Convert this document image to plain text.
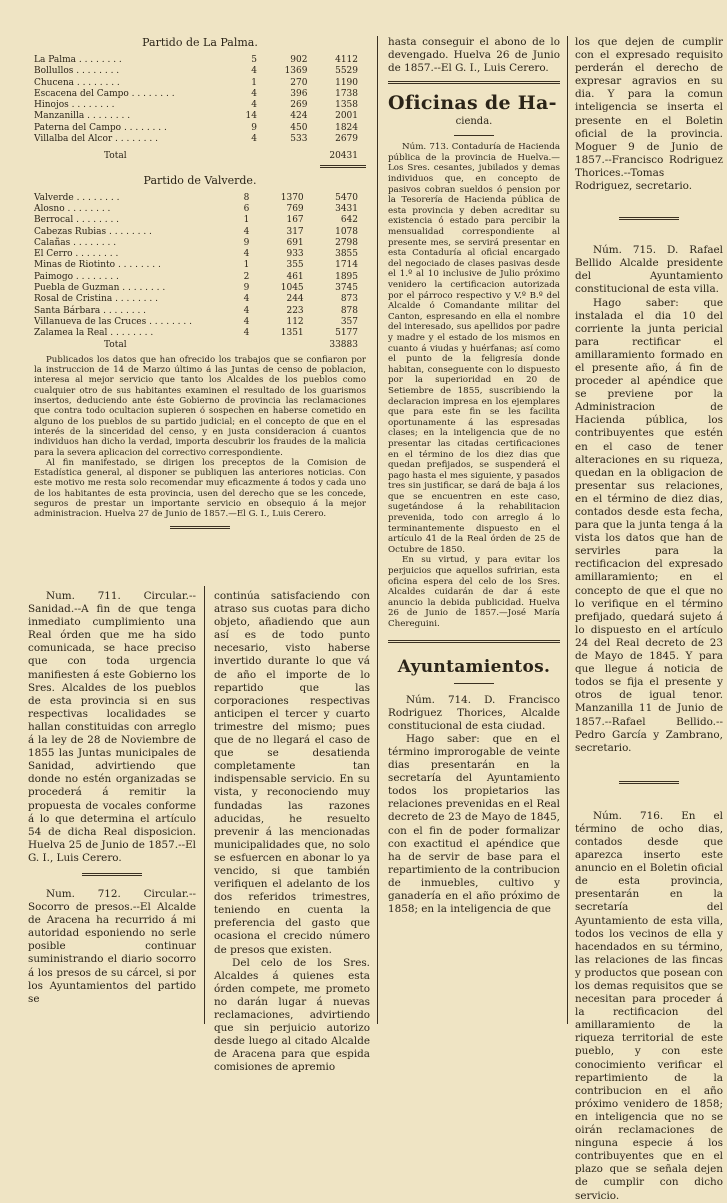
Partido de La Palma.
La Palma . . . . . . . .	5	902	4112
Bollullos . . . . . . . .	4	1369	5529
Chucena . . . . . . . .	1	270	1190
Escacena del Campo . . . . . . . .	4	396	1738
Hinojos . . . . . . . .	4	269	1358
Manzanilla . . . . . . . .	14	424	2001
Paterna del Campo . . . . . . . .	9	450	1824
Villalba del Alcor . . . . . . . .	4	533	2679
Total			20431
Partido de Valverde.
Valverde . . . . . . . .	8	1370	5470
Alosno . . . . . . . .	6	769	3431
Berrocal . . . . . . . .	1	167	642
Cabezas Rubias . . . . . . . .	4	317	1078
Calañas . . . . . . . .	9	691	2798
El Cerro . . . . . . . .	4	933	3855
Minas de Riotinto . . . . . . . .	1	355	1714
Paimogo . . . . . . . .	2	461	1895
Puebla de Guzman . . . . . . . .	9	1045	3745
Rosal de Cristina . . . . . . . .	4	244	873
Santa Bárbara . . . . . . . .	4	223	878
Villanueva de las Cruces . . . . . . . .	4	112	357
Zalamea la Real . . . . . . . .	4	1351	5177
Total			33883

Publicados los datos que han ofrecido los trabajos que se confiaron por la instruccion de 14 de Marzo último á las Juntas de censo de poblacion, interesa al mejor servicio que tanto los Alcaldes de los pueblos como cualquier otro de sus habitantes examinen el resultado de los guarismos insertos, deduciendo ante éste Gobierno de provincia las reclamaciones que contra todo ocultacion supieren ó sospechen en haberse cometido en alguno de los pueblos de su partido judicial; en el concepto de que en el interés de la sinceridad del censo, y en justa consideracion á cuantos individuos han dicho la verdad, importa descubrir los fraudes de la malicia para la severa aplicacion del correctivo correspondiente.

Al fin manifestado, se dirigen los preceptos de la Comision de Estadística general, al disponer se publiquen las anteriores noticias. Con este motivo me resta solo recomendar muy eficazmente á todos y cada uno de los habitantes de esta provincia, usen del derecho que se les concede, seguros de prestar un importante servicio en obsequio á la mejor administracion. Huelva 27 de Junio de 1857.—El G. I., Luis Cerero.

Num. 711. Circular.--Sanidad.--A fin de que tenga inmediato cumplimiento una Real órden que me ha sido comunicada, se hace preciso que con toda urgencia manifiesten á este Gobierno los Sres. Alcaldes de los pueblos de esta provincia si en sus respectivas localidades se hallan constituidas con arreglo á la ley de 28 de Noviembre de 1855 las Juntas municipales de Sanidad, advirtiendo que donde no estén organizadas se procederá á remitir la propuesta de vocales conforme á lo que determina el artículo 54 de dicha Real disposicion. Huelva 25 de Junio de 1857.--El G. I., Luis Cerero.

Num. 712. Circular.--Socorro de presos.--El Alcalde de Aracena ha recurrido á mi autoridad esponiendo no serle posible continuar suministrando el diario socorro á los presos de su cárcel, si por los Ayuntamientos del partido se

continúa satisfaciendo con atraso sus cuotas para dicho objeto, añadiendo que aun así es de todo punto necesario, visto haberse invertido durante lo que vá de año el importe de lo repartido que las corporaciones respectivas anticipen el tercer y cuarto trimestre del mismo; pues que de no llegará el caso de que se desatienda completamente tan indispensable servicio. En su vista, y reconociendo muy fundadas las razones aducidas, he resuelto prevenir á las mencionadas municipalidades que, no solo se esfuercen en abonar lo ya vencido, si que también verifiquen el adelanto de los dos referidos trimestres, teniendo en cuenta la preferencia del gasto que ocasiona el crecido número de presos que existen.

Del celo de los Sres. Alcaldes á quienes esta órden compete, me prometo no darán lugar á nuevas reclamaciones, advirtiendo que sin perjuicio autorizo desde luego al citado Alcalde de Aracena para que espida comisiones de apremio

hasta conseguir el abono de lo devengado. Huelva 26 de Junio de 1857.--El G. I., Luis Cerero.

Oficinas de Ha-
cienda.

Núm. 713. Contaduría de Hacienda pública de la provincia de Huelva.—Los Sres. cesantes, jubilados y demas individuos que, en concepto de pasivos cobran sueldos ó pension por la Tesorería de Hacienda pública de esta provincia y deben acreditar su existencia ó estado para percibir la mensualidad correspondiente al presente mes, se servirá presentar en esta Contaduría al oficial encargado del negociado de clases pasivas desde el 1.º al 10 inclusive de Julio próximo venidero la certificacion autorizada por el párroco respectivo y V.º B.º del Alcalde ó Comandante militar del Canton, espresando en ella el nombre del interesado, sus apellidos por padre y madre y el estado de los mismos en cuanto á viudas y huérfanas; así como el punto de la feligresía donde habitan, conseguente con lo dispuesto por la superioridad en 20 de Setiembre de 1855, suscribiendo la declaracion impresa en los ejemplares que para este fin se les facilita oportunamente á las espresadas clases; en la inteligencia que de no presentar las citadas certificaciones en el término de los diez dias que quedan prefijados, se suspenderá el pago hasta el mes siguiente, y pasados tres sin justificar, se dará de baja á los que se encuentren en este caso, sugetándose á la rehabilitacion prevenida, todo con arreglo á lo terminantemente dispuesto en el artículo 41 de la Real órden de 25 de Octubre de 1850.

En su virtud, y para evitar los perjuicios que aquellos sufririan, esta oficina espera del celo de los Sres. Alcaldes cuidarán de dar á este anuncio la debida publicidad. Huelva 26 de Junio de 1857.—José María Chereguini.

Ayuntamientos.

Núm. 714. D. Francisco Rodriguez Thorices, Alcalde constitucional de esta ciudad.

Hago saber: que en el término improrogable de veinte dias presentarán en la secretaría del Ayuntamiento todos los propietarios las relaciones prevenidas en el Real decreto de 23 de Mayo de 1845, con el fin de poder formalizar con exactitud el apéndice que ha de servir de base para el repartimiento de la contribucion de inmuebles, cultivo y ganadería en el año próximo de 1858; en la inteligencia de que

los que dejen de cumplir con el expresado requisito perderán el derecho de expresar agravios en su dia. Y para la comun inteligencia se inserta el presente en el Boletin oficial de la provincia. Moguer 9 de Junio de 1857.--Francisco Rodriguez Thorices.--Tomas Rodriguez, secretario.

Núm. 715. D. Rafael Bellido Alcalde presidente del Ayuntamiento constitucional de esta villa.

Hago saber: que instalada el dia 10 del corriente la junta pericial para rectificar el amillaramiento formado en el presente año, á fin de proceder al apéndice que se previene por la Administracion de Hacienda pública, los contribuyentes que estén en el caso de tener alteraciones en su riqueza, quedan en la obligacion de presentar sus relaciones, en el término de diez dias, contados desde esta fecha, para que la junta tenga á la vista los datos que han de servirles para la rectificacion del expresado amillaramiento; en el concepto de que el que no lo verifique en el término prefijado, quedará sujeto á lo dispuesto en el artículo 24 del Real decreto de 23 de Mayo de 1845. Y para que llegue á noticia de todos se fija el presente y otros de igual tenor. Manzanilla 11 de Junio de 1857.--Rafael Bellido.--Pedro García y Zambrano, secretario.

Núm. 716. En el término de ocho dias, contados desde que aparezca inserto este anuncio en el Boletin oficial de esta provincia, presentarán en la secretaría del Ayuntamiento de esta villa, todos los vecinos de ella y hacendados en su término, las relaciones de las fincas y productos que posean con los demas requisitos que se necesitan para proceder á la rectificacion del amillaramiento de la riqueza territorial de este pueblo, y con este conocimiento verificar el repartimiento de la contribucion en el año próximo venidero de 1858; en inteligencia que no se oirán reclamaciones de ninguna especie á los contribuyentes que en el plazo que se señala dejen de cumplir con dicho servicio.
